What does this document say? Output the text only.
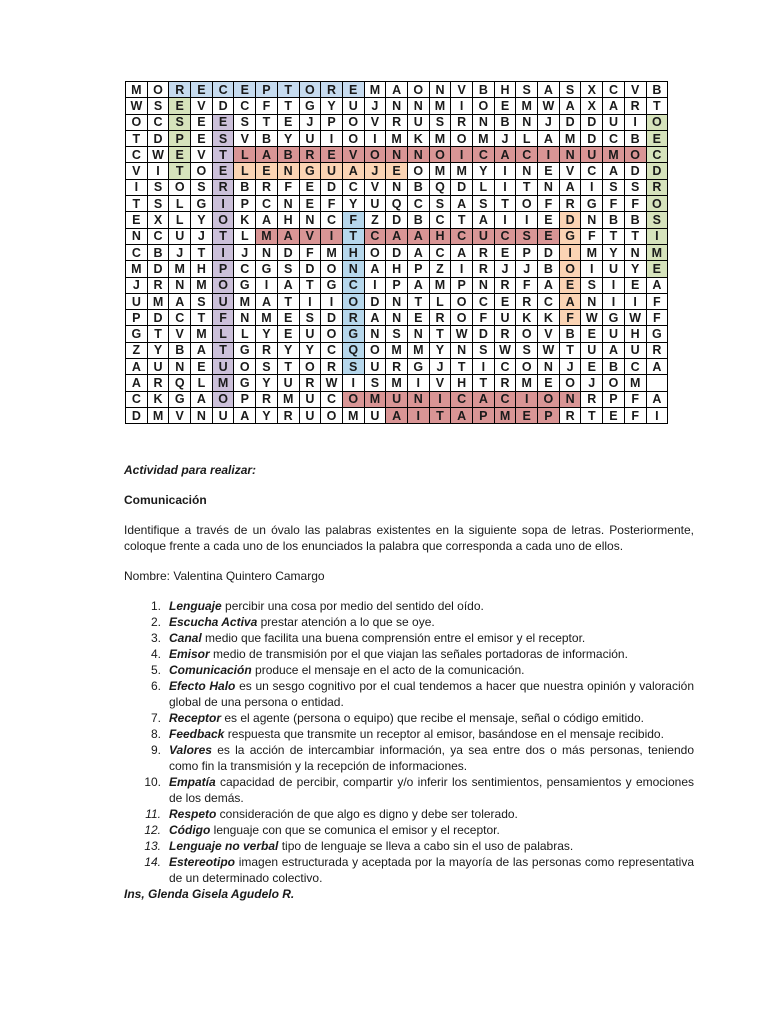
M	O	R	E	C	E	P	T	O	R	E	M	A	O	N	V	B	H	S	A	S	X	C	V	B
W	S	E	V	D	C	F	T	G	Y	U	J	N	N	M	I	O	E	M	W	A	X	A	R	T
O	C	S	E	E	S	T	E	J	P	O	V	R	U	S	R	N	B	N	J	D	D	U	I	O
T	D	P	E	S	V	B	Y	U	I	O	I	M	K	M	O	M	J	L	A	M	D	C	B	E
C	W	E	V	T	L	A	B	R	E	V	O	N	N	O	I	C	A	C	I	N	U	M	O	C
V	I	T	O	E	L	E	N	G	U	A	J	E	O	M	M	Y	I	N	E	V	C	A	D	D
I	S	O	S	R	B	R	F	E	D	C	V	N	B	Q	D	L	I	T	N	A	I	S	S	R
T	S	L	G	I	P	C	N	E	F	Y	U	Q	C	S	A	S	T	O	F	R	G	F	F	O
E	X	L	Y	O	K	A	H	N	C	F	Z	D	B	C	T	A	I	I	E	D	N	B	B	S
N	C	U	J	T	L	M	A	V	I	T	C	A	A	H	C	U	C	S	E	G	F	T	T	I
C	B	J	T	I	J	N	D	F	M	H	O	D	A	C	A	R	E	P	D	I	M	Y	N	M
M	D	M	H	P	C	G	S	D	O	N	A	H	P	Z	I	R	J	J	B	O	I	U	Y	E
J	R	N	M	O	G	I	A	T	G	C	I	P	A	M	P	N	R	F	A	E	S	I	E	A
U	M	A	S	U	M	A	T	I	I	O	D	N	T	L	O	C	E	R	C	A	N	I	I	F
P	D	C	T	F	N	M	E	S	D	R	A	N	E	R	O	F	U	K	K	F	W	G	W	F
G	T	V	M	L	L	Y	E	U	O	G	N	S	N	T	W	D	R	O	V	B	E	U	H	G
Z	Y	B	A	T	G	R	Y	Y	C	Q	O	M	M	Y	N	S	W	S	W	T	U	A	U	R
A	U	N	E	U	O	S	T	O	R	S	U	R	G	J	T	I	C	O	N	J	E	B	C	A
A	R	Q	L	M	G	Y	U	R	W	I	S	M	I	V	H	T	R	M	E	O	J	O	M	
C	K	G	A	O	P	R	M	U	C	O	M	U	N	I	C	A	C	I	O	N	R	P	F	A
D	M	V	N	U	A	Y	R	U	O	M	U	A	I	T	A	P	M	E	P	R	T	E	F	I

Actividad para realizar:

Comunicación

Identifique a través de un óvalo las palabras existentes en la siguiente sopa de letras. Posteriormente, coloque frente a cada uno de los enunciados la palabra que corresponda a cada uno de ellos.

Nombre: Valentina Quintero Camargo

1. Lenguaje percibir una cosa por medio del sentido del oído.
2. Escucha Activa prestar atención a lo que se oye.
3. Canal medio que facilita una buena comprensión entre el emisor y el receptor.
4. Emisor medio de transmisión por el que viajan las señales portadoras de información.
5. Comunicación produce el mensaje en el acto de la comunicación.
6. Efecto Halo es un sesgo cognitivo por el cual tendemos a hacer que nuestra opinión y valoración global de una persona o entidad.
7. Receptor es el agente (persona o equipo) que recibe el mensaje, señal o código emitido.
8. Feedback respuesta que transmite un receptor al emisor, basándose en el mensaje recibido.
9. Valores es la acción de intercambiar información, ya sea entre dos o más personas, teniendo como fin la transmisión y la recepción de informaciones.
10. Empatía capacidad de percibir, compartir y/o inferir los sentimientos, pensamientos y emociones de los demás.
11. Respeto consideración de que algo es digno y debe ser tolerado.
12. Código lenguaje con que se comunica el emisor y el receptor.
13. Lenguaje no verbal tipo de lenguaje se lleva a cabo sin el uso de palabras.
14. Estereotipo imagen estructurada y aceptada por la mayoría de las personas como representativa de un determinado colectivo.

Ins, Glenda Gisela Agudelo R.
